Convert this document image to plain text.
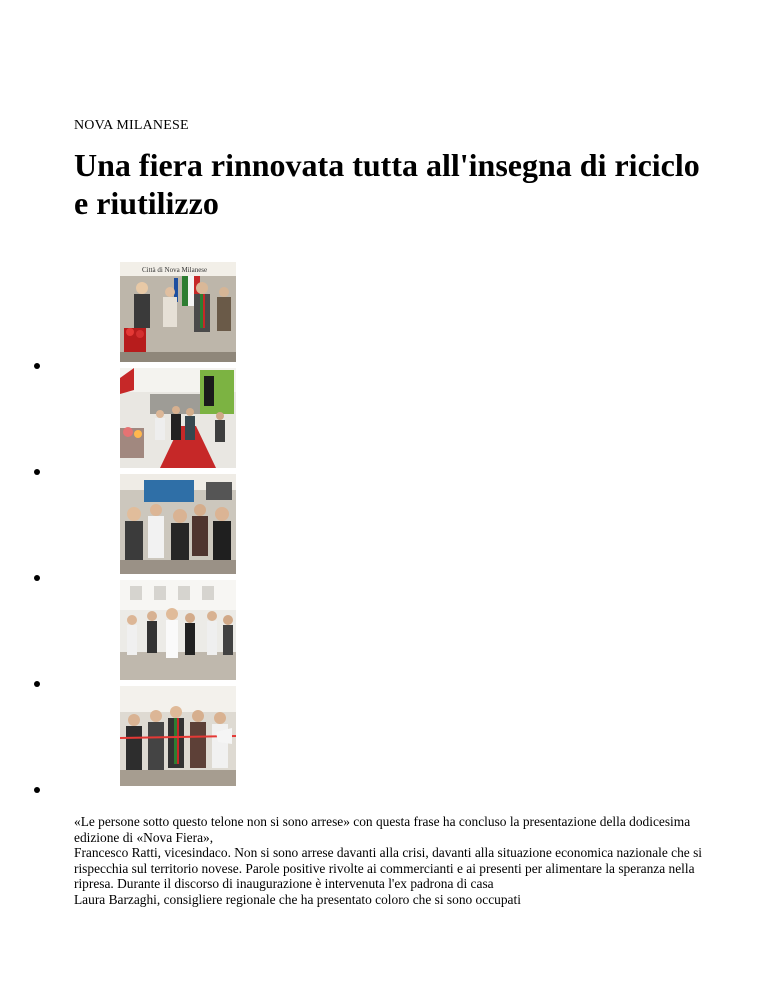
NOVA MILANESE
Una fiera rinnovata tutta all'insegna di riciclo e riutilizzo
Città di Nova Milanese

«Le persone sotto questo telone non si sono arrese» con questa frase ha concluso la presentazione della dodicesima edizione di «Nova Fiera»,

Francesco Ratti, vicesindaco. Non si sono arrese davanti alla crisi, davanti alla situazione economica nazionale che si rispecchia sul territorio novese. Parole positive rivolte ai commercianti e ai presenti per alimentare la speranza nella ripresa. Durante il discorso di inaugurazione è intervenuta l'ex padrona di casa

Laura Barzaghi, consigliere regionale che ha presentato coloro che si sono occupati
